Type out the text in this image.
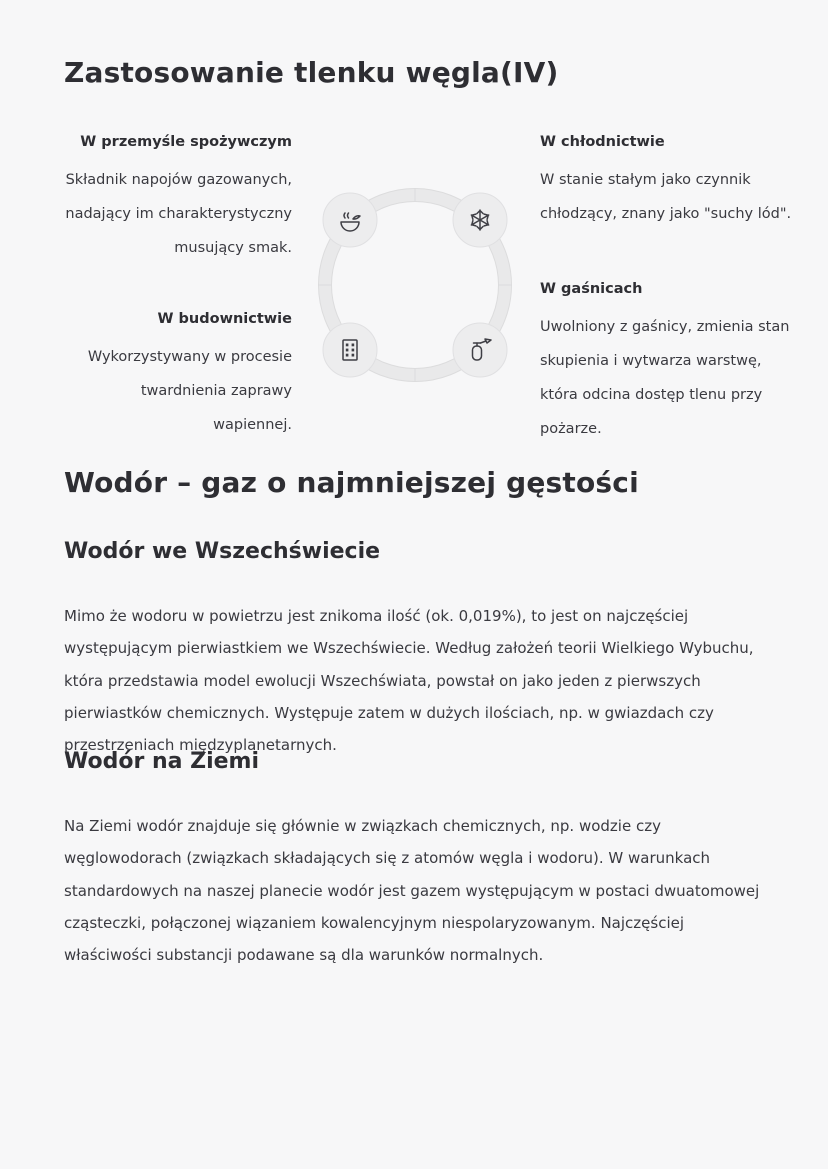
Zastosowanie tlenku węgla(IV)
W przemyśle spożywczym
Składnik napojów gazowanych, nadający im charakterystyczny musujący smak.
W chłodnictwie
W stanie stałym jako czynnik chłodzący, znany jako "suchy lód".
W budownictwie
Wykorzystywany w procesie twardnienia zaprawy wapiennej.
W gaśnicach
Uwolniony z gaśnicy, zmienia stan skupienia i wytwarza warstwę, która odcina dostęp tlenu przy pożarze.
Wodór – gaz o najmniejszej gęstości
Wodór we Wszechświecie

Mimo że wodoru w powietrzu jest znikoma ilość (ok. 0,019%), to jest on najczęściej występującym pierwiastkiem we Wszechświecie. Według założeń teorii Wielkiego Wybuchu, która przedstawia model ewolucji Wszechświata, powstał on jako jeden z pierwszych pierwiastków chemicznych. Występuje zatem w dużych ilościach, np. w gwiazdach czy przestrzeniach międzyplanetarnych.

Wodór na Ziemi

Na Ziemi wodór znajduje się głównie w związkach chemicznych, np. wodzie czy węglowodorach (związkach składających się z atomów węgla i wodoru). W warunkach standardowych na naszej planecie wodór jest gazem występującym w postaci dwuatomowej cząsteczki, połączonej wiązaniem kowalencyjnym niespolaryzowanym. Najczęściej właściwości substancji podawane są dla warunków normalnych.
